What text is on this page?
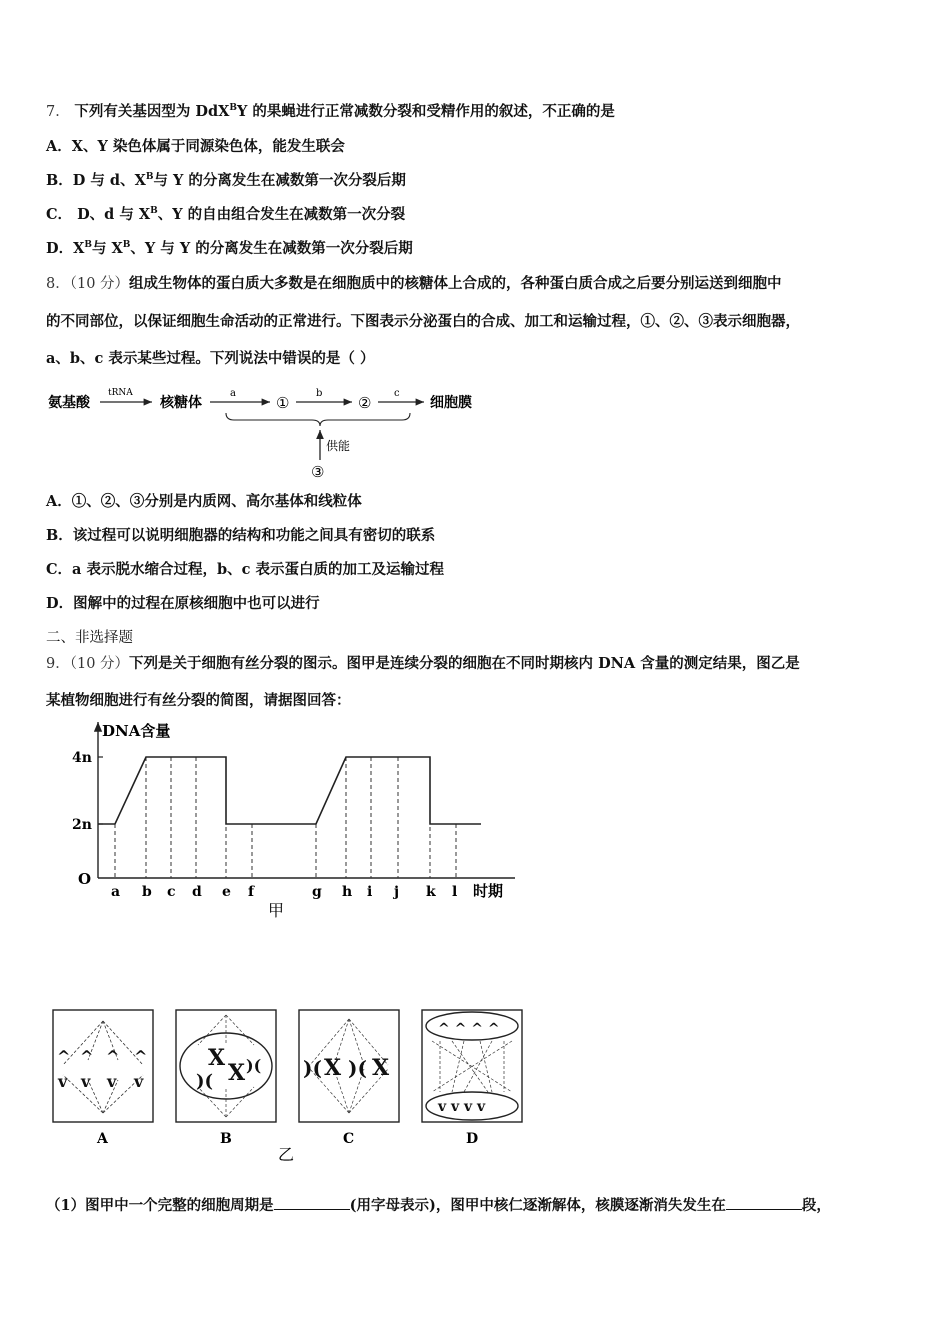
7． 下列有关基因型为 DdX$^B$Y 的果蝇进行正常减数分裂和受精作用的叙述，不正确的是
A．X、Y 染色体属于同源染色体，能发生联会
B．D 与 d、$X^B$与 Y 的分离发生在减数第一次分裂后期
C． D、d 与 $X^B$、Y 的自由组合发生在减数第一次分裂
D．$X^B$与 $X^B$、Y 与 Y 的分离发生在减数第一次分裂后期
8．（10 分）组成生物体的蛋白质大多数是在细胞质中的核糖体上合成的，各种蛋白质合成之后要分别运送到细胞中
的不同部位，以保证细胞生命活动的正常进行。下图表示分泌蛋白的合成、加工和运输过程，①、②、③表示细胞器，
a、b、c 表示某些过程。下列说法中错误的是（ ）
氨基酸
tRNA
核糖体
a
①
b
②
c
细胞膜
供能
③
A．①、②、③分别是内质网、高尔基体和线粒体
B．该过程可以说明细胞器的结构和功能之间具有密切的联系
C．a 表示脱水缩合过程，b、c 表示蛋白质的加工及运输过程
D．图解中的过程在原核细胞中也可以进行
二、非选择题
9．（10 分）下列是关于细胞有丝分裂的图示。图甲是连续分裂的细胞在不同时期核内 DNA 含量的测定结果，图乙是
某植物细胞进行有丝分裂的简图，请据图回答：
DNA含量
时期
O
甲
2n
4n
a b c d e f	g h i j k l
^ ^ ^ ^
v v v v
A
X
X
)(
)(
B
)( X )( X
C
^ ^ ^ ^
v v v v
D
乙
（1）图甲中一个完整的细胞周期是	(用字母表示)，图甲中核仁逐渐解体，核膜逐渐消失发生在	段，
